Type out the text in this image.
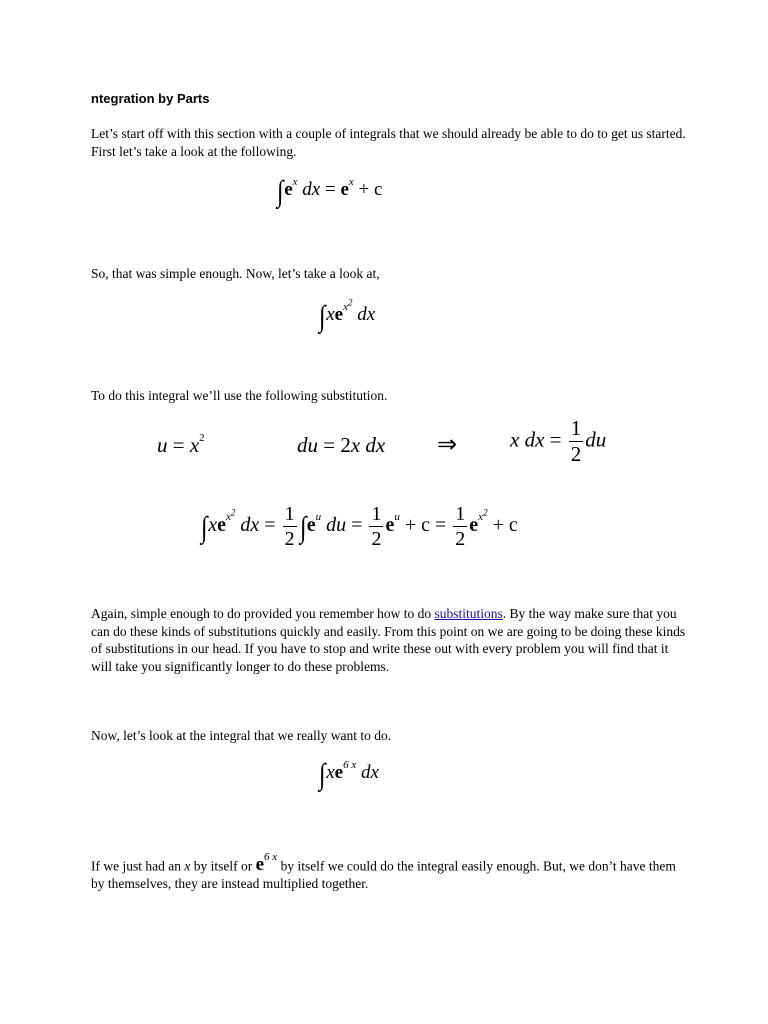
ntegration by Parts
Let’s start off with this section with a couple of integrals that we should already be able to do to get us started. First let’s take a look at the following.
$\int e^x$ dx = $e^x + c$
So, that was simple enough. Now, let’s take a look at,
$\int xe^{x^2}$ dx
To do this integral we’ll use the following substitution.
$u = x^2$	du = 2x dx ⇒	x dx = $\frac{1}{2}$ du
$\int xe^{x^2}$ dx = $\frac{1}{2} \int e^u$ du = $\frac{1}{2} e^u + c = \frac{1}{2} e^{x^2} + c$
Again, simple enough to do provided you remember how to do substitutions. By the way make sure that you can do these kinds of substitutions quickly and easily. From this point on we are going to be doing these kinds of substitutions in our head. If you have to stop and write these out with every problem you will find that it will take you significantly longer to do these problems.
Now, let’s look at the integral that we really want to do.
$\int xe^{6 x}$ dx
If we just had an x by itself or $e^{6 x}$ by itself we could do the integral easily enough. But, we don’t have them by themselves, they are instead multiplied together.
